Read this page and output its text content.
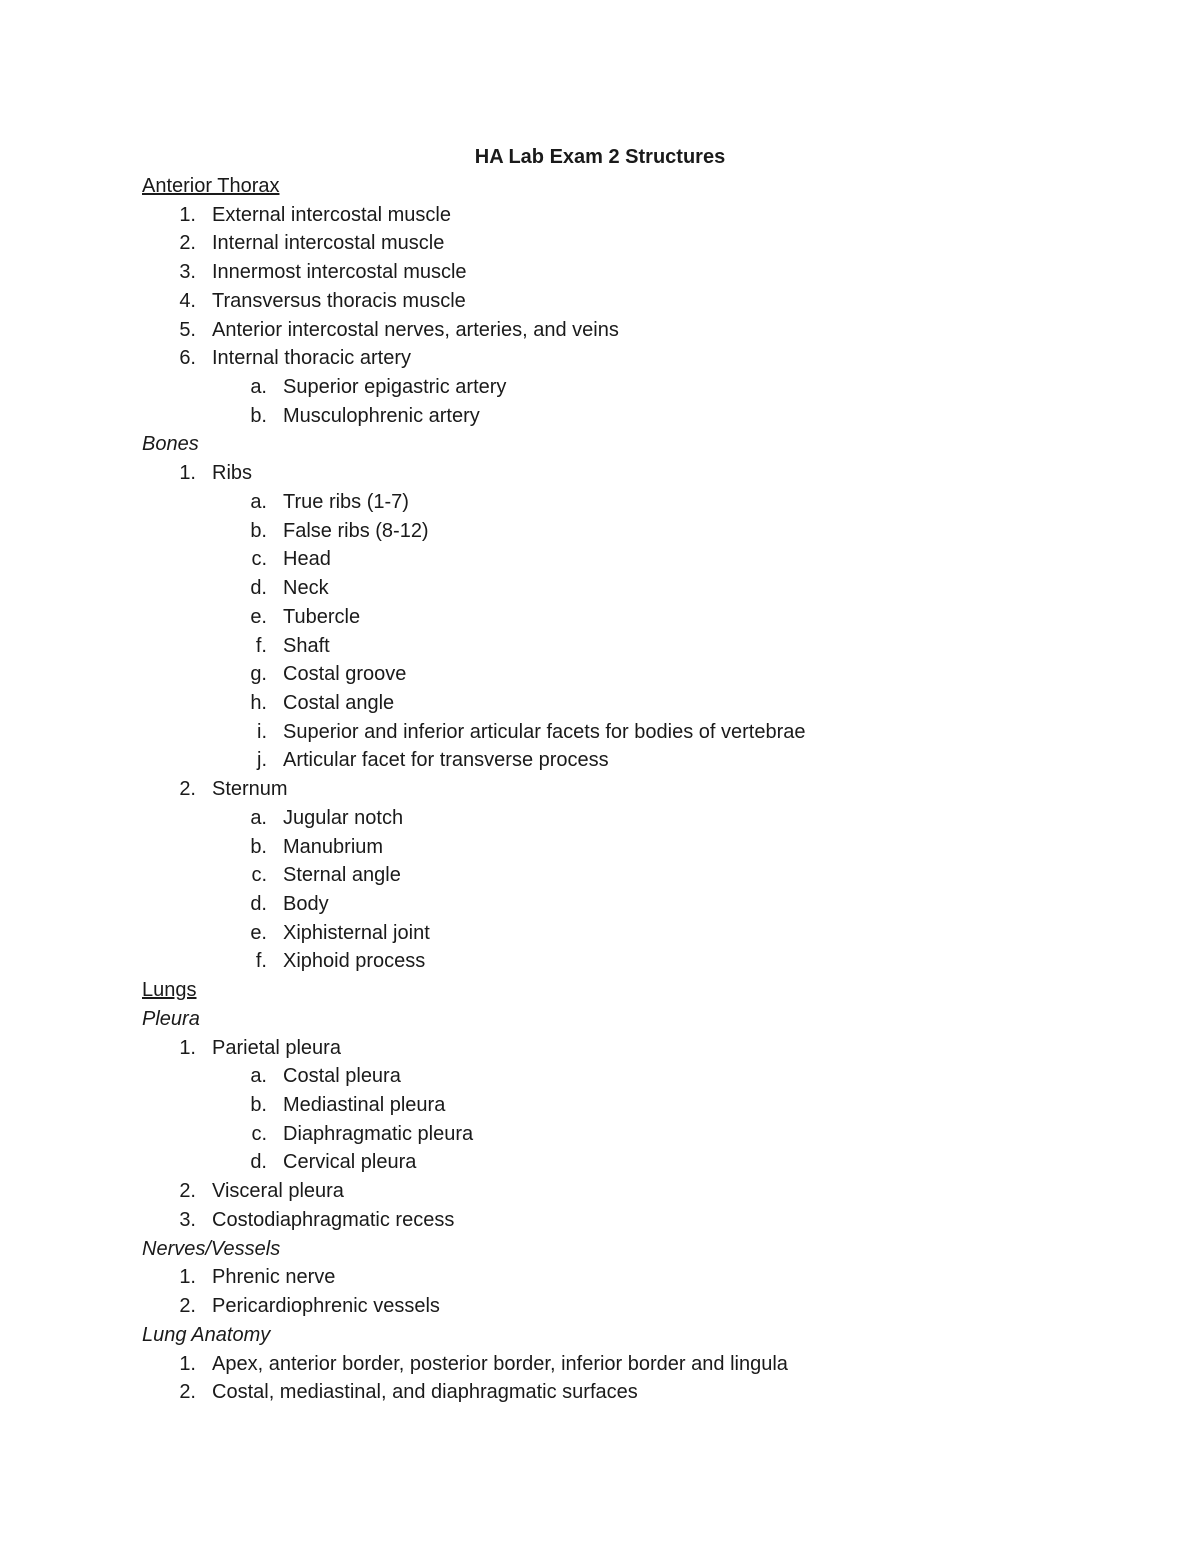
HA Lab Exam 2 Structures
Anterior Thorax
1. External intercostal muscle
2. Internal intercostal muscle
3. Innermost intercostal muscle
4. Transversus thoracis muscle
5. Anterior intercostal nerves, arteries, and veins
6. Internal thoracic artery
a. Superior epigastric artery
b. Musculophrenic artery
Bones
1. Ribs
a. True ribs (1-7)
b. False ribs (8-12)
c. Head
d. Neck
e. Tubercle
f. Shaft
g. Costal groove
h. Costal angle
i. Superior and inferior articular facets for bodies of vertebrae
j. Articular facet for transverse process
2. Sternum
a. Jugular notch
b. Manubrium
c. Sternal angle
d. Body
e. Xiphisternal joint
f. Xiphoid process
Lungs
Pleura
1. Parietal pleura
a. Costal pleura
b. Mediastinal pleura
c. Diaphragmatic pleura
d. Cervical pleura
2. Visceral pleura
3. Costodiaphragmatic recess
Nerves/Vessels
1. Phrenic nerve
2. Pericardiophrenic vessels
Lung Anatomy
1. Apex, anterior border, posterior border, inferior border and lingula
2. Costal, mediastinal, and diaphragmatic surfaces
